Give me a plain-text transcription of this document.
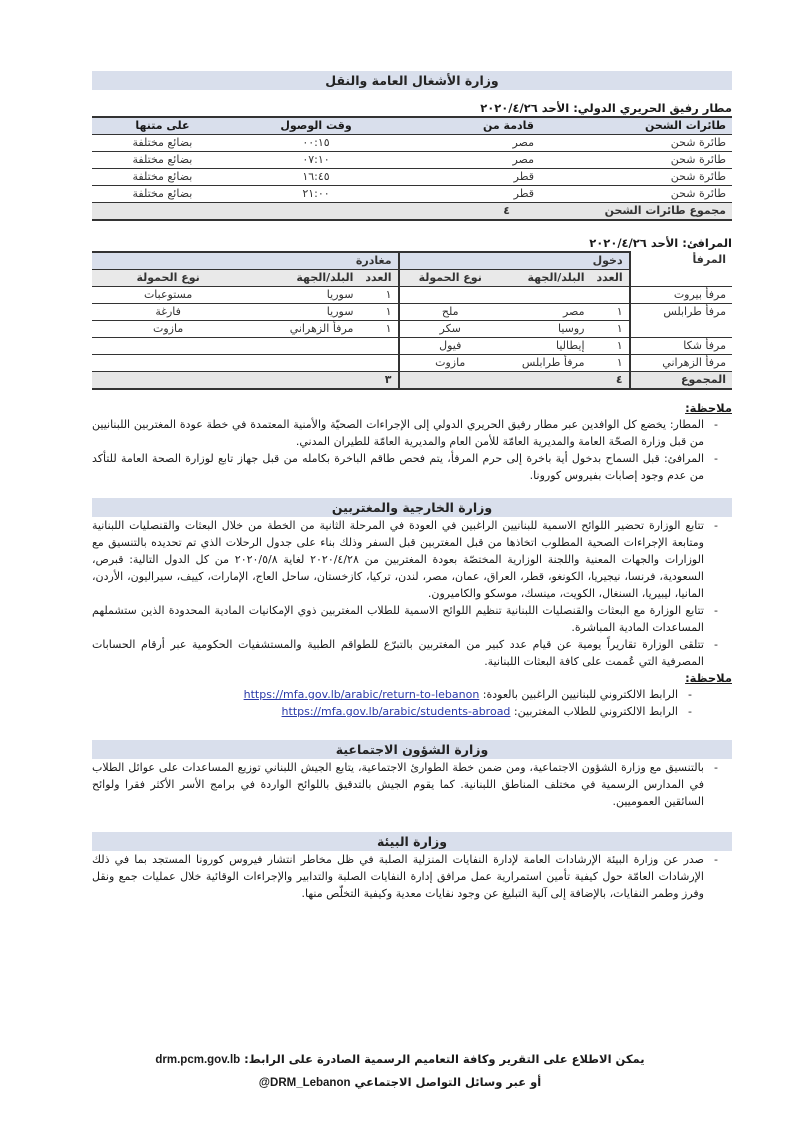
وزارة الأشغال العامة والنقل
مطار رفيق الحريري الدولي: الأحد ٢٠٢٠/٤/٢٦
طائرات الشحن	قادمة من	وقت الوصول	على متنها
طائرة شحن	مصر	٠٠:١٥	بضائع مختلفة
طائرة شحن	مصر	٠٧:١٠	بضائع مختلفة
طائرة شحن	قطر	١٦:٤٥	بضائع مختلفة
طائرة شحن	قطر	٢١:٠٠	بضائع مختلفة
مجموع طائرات الشحن	٤		
المرافئ: الأحد ٢٠٢٠/٤/٢٦
المرفأ	دخول			مغادرة		
	العدد	البلد/الجهة	نوع الحمولة	العدد	البلد/الجهة	نوع الحمولة
مرفأ بيروت				١	سوريا	مستوعبات
مرفأ طرابلس	١	مصر	ملح	١	سوريا	فارغة
	١	روسيا	سكر	١	مرفأ الزهراني	مازوت
مرفأ شكا	١	إيطاليا	فيول			
مرفأ الزهراني	١	مرفأ طرابلس	مازوت			
المجموع	٤			٣		
ملاحظة:
- المطار: يخضع كل الوافدين عبر مطار رفيق الحريري الدولي إلى الإجراءات الصحيّة والأمنية المعتمدة في خطة عودة المغتربين اللبنانيين من قبل وزارة الصحّة العامة والمديرية العامّة للأمن العام والمديرية العامّة للطيران المدني.
- المرافئ: قبل السماح بدخول أية باخرة إلى حرم المرفأ، يتم فحص طاقم الباخرة بكامله من قبل جهاز تابع لوزارة الصحة العامة للتأكد من عدم وجود إصابات بفيروس كورونا.
وزارة الخارجية والمغتربين
- تتابع الوزارة تحضير اللوائح الاسمية للبنانيين الراغبين في العودة في المرحلة الثانية من الخطة من خلال البعثات والقنصليات اللبنانية ومتابعة الإجراءات الصحية المطلوب اتخاذها من قبل المغتربين قبل السفر وذلك بناء على جدول الرحلات الذي تم تحديده بالتنسيق مع الوزارات والجهات المعنية واللجنة الوزارية المختصّة بعودة المغتربين من ٢٠٢٠/٤/٢٨ لغاية ٢٠٢٠/٥/٨ من كل الدول التالية: قبرص، السعودية، فرنسا، نيجيريا، الكونغو، قطر، العراق، عمان، مصر، لندن، تركيا، كازخستان، ساحل العاج، الإمارات، كييف، سيراليون، الأردن، المانيا، ليبيريا، السنغال، الكويت، مينسك، موسكو والكاميرون.
- تتابع الوزارة مع البعثات والقنصليات اللبنانية تنظيم اللوائح الاسمية للطلاب المغتربين ذوي الإمكانيات المادية المحدودة الذين ستشملهم المساعدات المادية المباشرة.
- تتلقى الوزارة تقاريراً يومية عن قيام عدد كبير من المغتربين بالتبرّع للطواقم الطبية والمستشفيات الحكومية عبر أرقام الحسابات المصرفية التي عُممت على كافة البعثات اللبنانية.
ملاحظة:
- الرابط الالكتروني للبنانيين الراغبين بالعودة: https://mfa.gov.lb/arabic/return-to-lebanon
- الرابط الالكتروني للطلاب المغتربين: https://mfa.gov.lb/arabic/students-abroad
وزارة الشؤون الاجتماعية
- بالتنسيق مع وزارة الشؤون الاجتماعية، ومن ضمن خطة الطوارئ الاجتماعية، يتابع الجيش اللبناني توزيع المساعدات على عوائل الطلاب في المدارس الرسمية في مختلف المناطق اللبنانية. كما يقوم الجيش بالتدقيق باللوائح الواردة في برامج الأسر الأكثر فقرا ولوائح السائقين العموميين.
وزارة البيئة
- صدر عن وزارة البيئة الإرشادات العامة لإدارة النفايات المنزلية الصلبة في ظل مخاطر انتشار فيروس كورونا المستجد بما في ذلك الإرشادات العامّة حول كيفية تأمين استمرارية عمل مرافق إدارة النفايات الصلبة والتدابير والإجراءات الوقائية خلال عمليات جمع ونقل وفرز وطمر النفايات، بالإضافة إلى آلية التبليغ عن وجود نفايات معدية وكيفية التخلّص منها.
يمكن الاطلاع على التقرير وكافة التعاميم الرسمية الصادرة على الرابط: drm.pcm.gov.lb
أو عبر وسائل التواصل الاجتماعي @DRM_Lebanon
